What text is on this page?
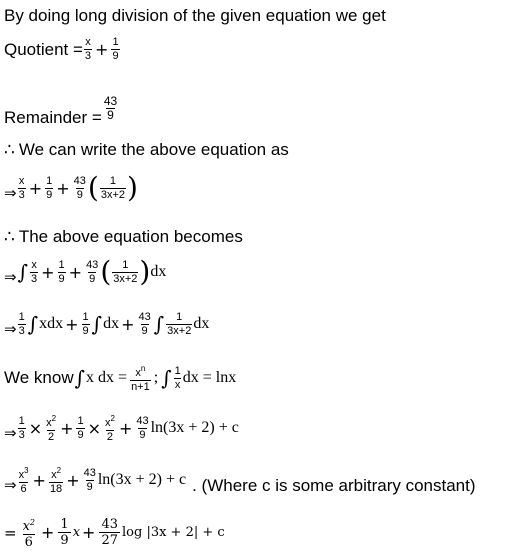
By doing long division of the given equation we get
Quotient = $\frac{x}{3} + \frac{1}{9}$
Remainder = $\frac{43}{9}$
∴ We can write the above equation as
⇒ $\frac{x}{3} + \frac{1}{9} + \frac{43}{9}$ ( $\frac{1}{3x+2}$ )
∴ The above equation becomes
⇒ ∫ $\frac{x}{3} + \frac{1}{9} + \frac{43}{9}$ ( $\frac{1}{3x+2}$ ) dx
⇒ $\frac{1}{3}$ ∫ xdx + $\frac{1}{9}$ ∫ dx + $\frac{43}{9}$ ∫ $\frac{1}{3x+2}$ dx
We know ∫ x dx = $\frac{x^n}{n+1}$ ; ∫ $\frac{1}{x}$ dx = lnx
⇒ $\frac{1}{3} \times \frac{x^2}{2} + \frac{1}{9} \times \frac{x^2}{2} + \frac{43}{9} \ln(3x + 2) + c$
⇒ $\frac{x^3}{6} + \frac{x^2}{18} + \frac{43}{9} \ln(3x + 2) + c$ . (Where c is some arbitrary constant)
= $\frac{x^2}{6} + \frac{1}{9}$ $x + \frac{43}{27}$ log |3x + 2| + c
